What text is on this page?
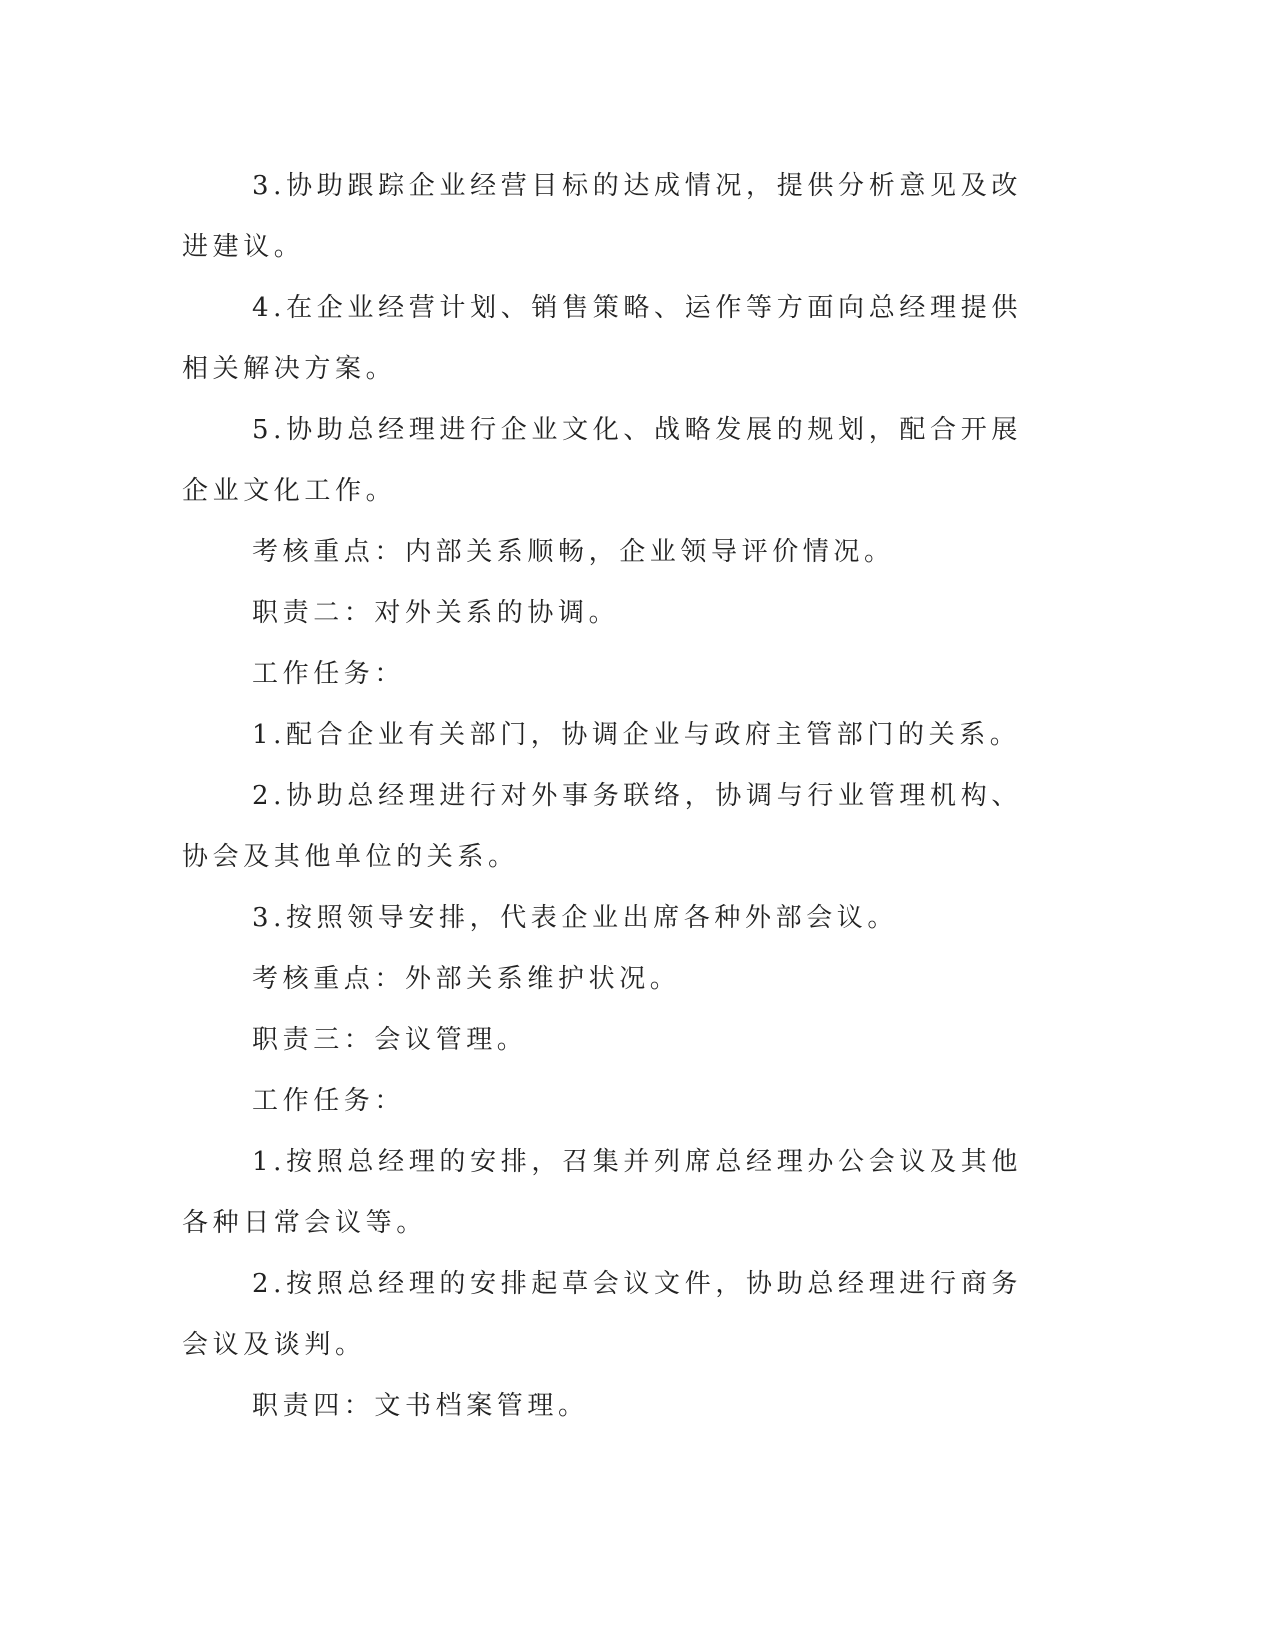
3.协助跟踪企业经营目标的达成情况，提供分析意见及改进建议。

4.在企业经营计划、销售策略、运作等方面向总经理提供相关解决方案。

5.协助总经理进行企业文化、战略发展的规划，配合开展企业文化工作。

考核重点：内部关系顺畅，企业领导评价情况。

职责二：对外关系的协调。

工作任务：

1.配合企业有关部门，协调企业与政府主管部门的关系。

2.协助总经理进行对外事务联络，协调与行业管理机构、协会及其他单位的关系。

3.按照领导安排，代表企业出席各种外部会议。

考核重点：外部关系维护状况。

职责三：会议管理。

工作任务：

1.按照总经理的安排，召集并列席总经理办公会议及其他各种日常会议等。

2.按照总经理的安排起草会议文件，协助总经理进行商务会议及谈判。

职责四：文书档案管理。
